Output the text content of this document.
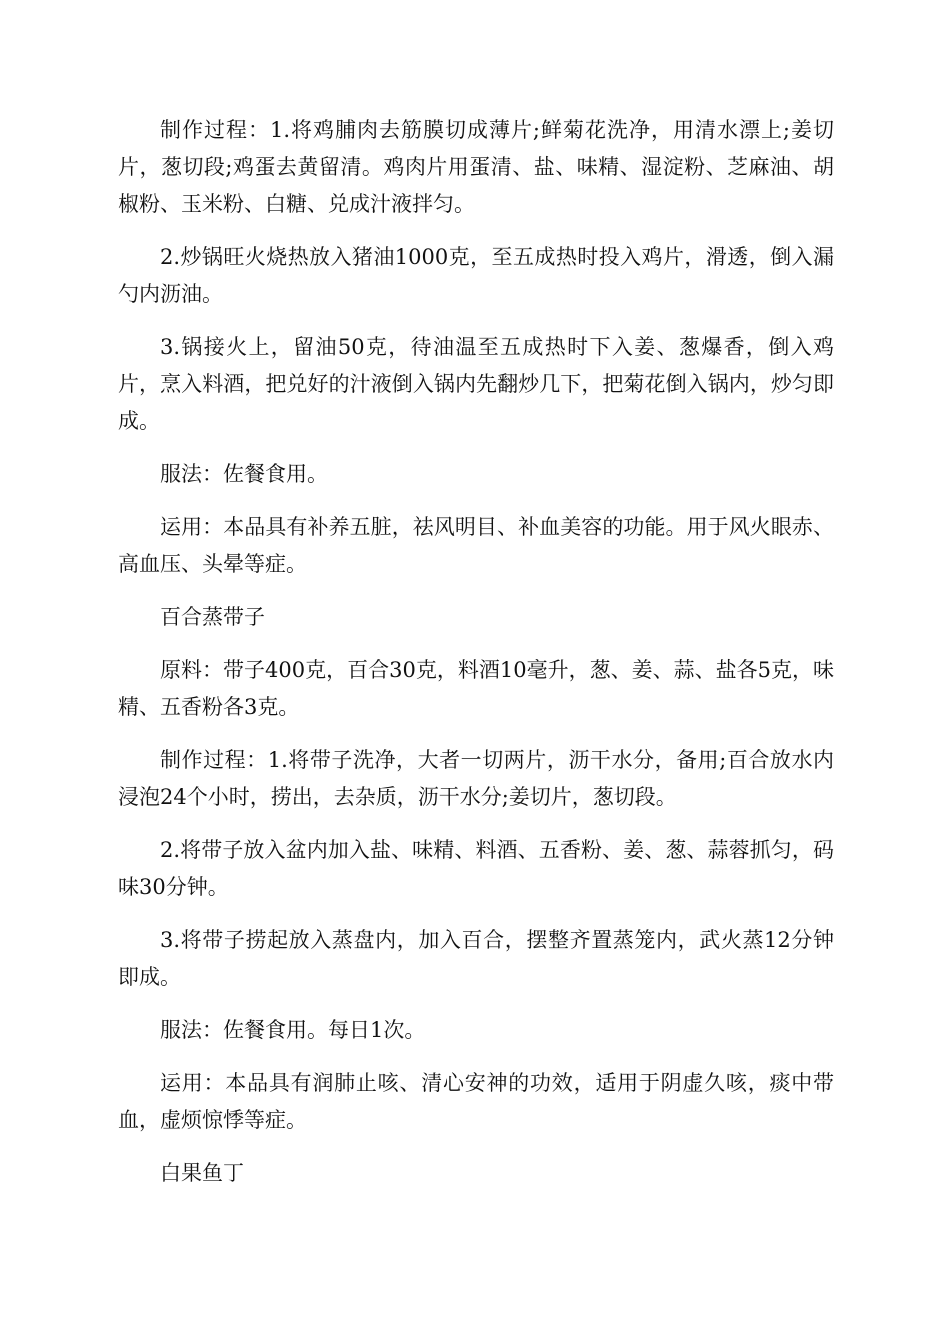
制作过程：1.将鸡脯肉去筋膜切成薄片;鲜菊花洗净，用清水漂上;姜切片，葱切段;鸡蛋去黄留清。鸡肉片用蛋清、盐、味精、湿淀粉、芝麻油、胡椒粉、玉米粉、白糖、兑成汁液拌匀。

2.炒锅旺火烧热放入猪油1000克，至五成热时投入鸡片，滑透，倒入漏勺内沥油。

3.锅接火上，留油50克，待油温至五成热时下入姜、葱爆香，倒入鸡片，烹入料酒，把兑好的汁液倒入锅内先翻炒几下，把菊花倒入锅内，炒匀即成。

服法：佐餐食用。

运用：本品具有补养五脏，祛风明目、补血美容的功能。用于风火眼赤、高血压、头晕等症。

百合蒸带子

原料：带子400克，百合30克，料酒10毫升，葱、姜、蒜、盐各5克，味精、五香粉各3克。

制作过程：1.将带子洗净，大者一切两片，沥干水分，备用;百合放水内浸泡24个小时，捞出，去杂质，沥干水分;姜切片，葱切段。

2.将带子放入盆内加入盐、味精、料酒、五香粉、姜、葱、蒜蓉抓匀，码味30分钟。

3.将带子捞起放入蒸盘内，加入百合，摆整齐置蒸笼内，武火蒸12分钟即成。

服法：佐餐食用。每日1次。

运用：本品具有润肺止咳、清心安神的功效，适用于阴虚久咳，痰中带血，虚烦惊悸等症。

白果鱼丁
